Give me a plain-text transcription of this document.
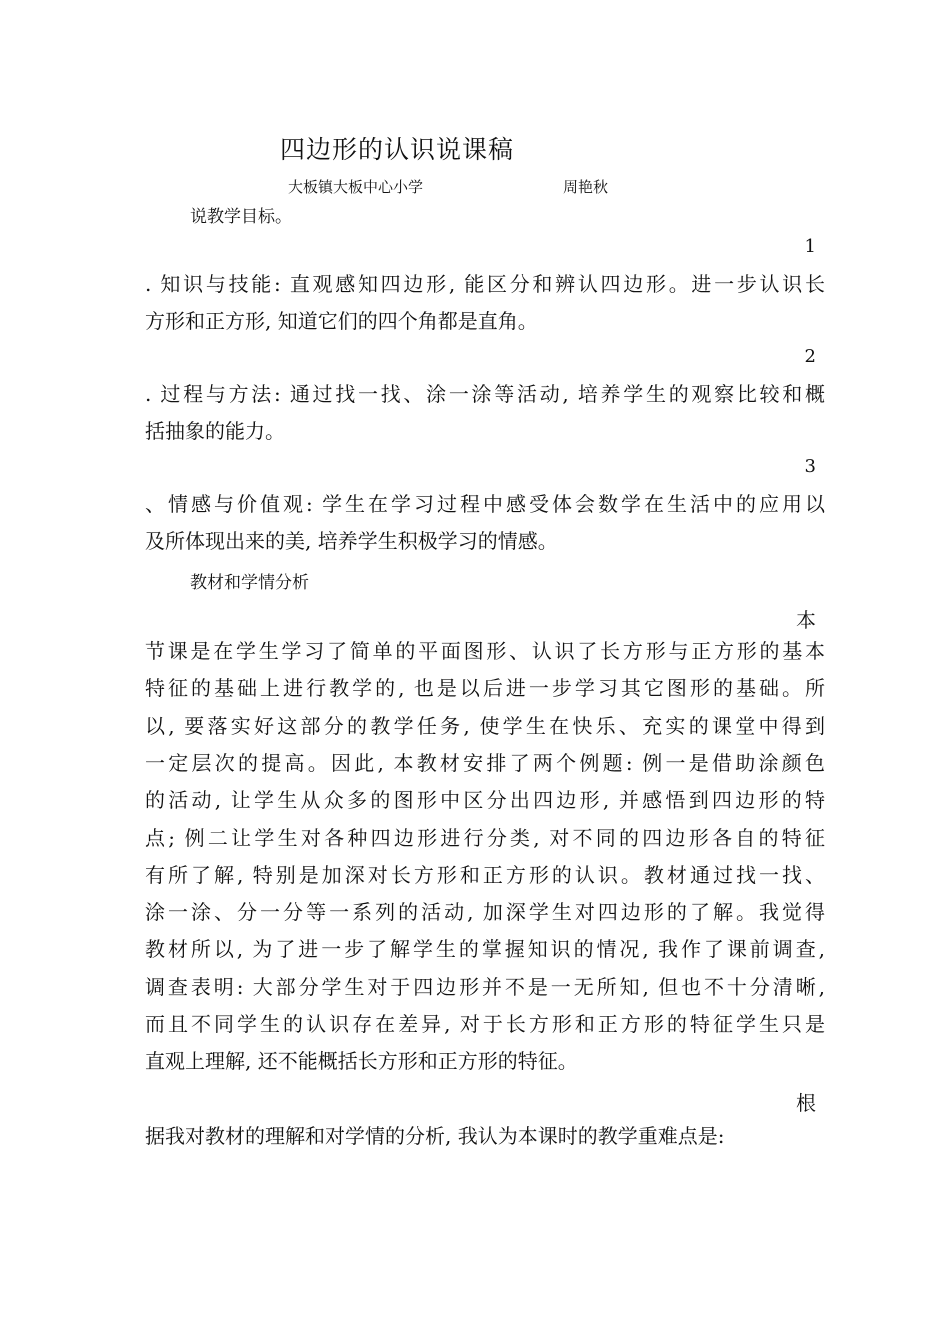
四边形的认识说课稿
大板镇大板中心小学	周艳秋
说教学目标。
1
. 知识与技能: 直观感知四边形, 能区分和辨认四边形。进一步认识长
方形和正方形, 知道它们的四个角都是直角。
2
. 过程与方法: 通过找一找、涂一涂等活动, 培养学生的观察比较和概
括抽象的能力。
3
、情感与价值观: 学生在学习过程中感受体会数学在生活中的应用以
及所体现出来的美, 培养学生积极学习的情感。
教材和学情分析
本
节课是在学生学习了简单的平面图形、认识了长方形与正方形的基本
特征的基础上进行教学的, 也是以后进一步学习其它图形的基础。所
以, 要落实好这部分的教学任务, 使学生在快乐、充实的课堂中得到
一定层次的提高。因此, 本教材安排了两个例题: 例一是借助涂颜色
的活动, 让学生从众多的图形中区分出四边形, 并感悟到四边形的特
点; 例二让学生对各种四边形进行分类, 对不同的四边形各自的特征
有所了解, 特别是加深对长方形和正方形的认识。教材通过找一找、
涂一涂、分一分等一系列的活动, 加深学生对四边形的了解。我觉得
教材所以, 为了进一步了解学生的掌握知识的情况, 我作了课前调查,
调查表明: 大部分学生对于四边形并不是一无所知, 但也不十分清晰,
而且不同学生的认识存在差异, 对于长方形和正方形的特征学生只是
直观上理解, 还不能概括长方形和正方形的特征。
根
据我对教材的理解和对学情的分析, 我认为本课时的教学重难点是:
